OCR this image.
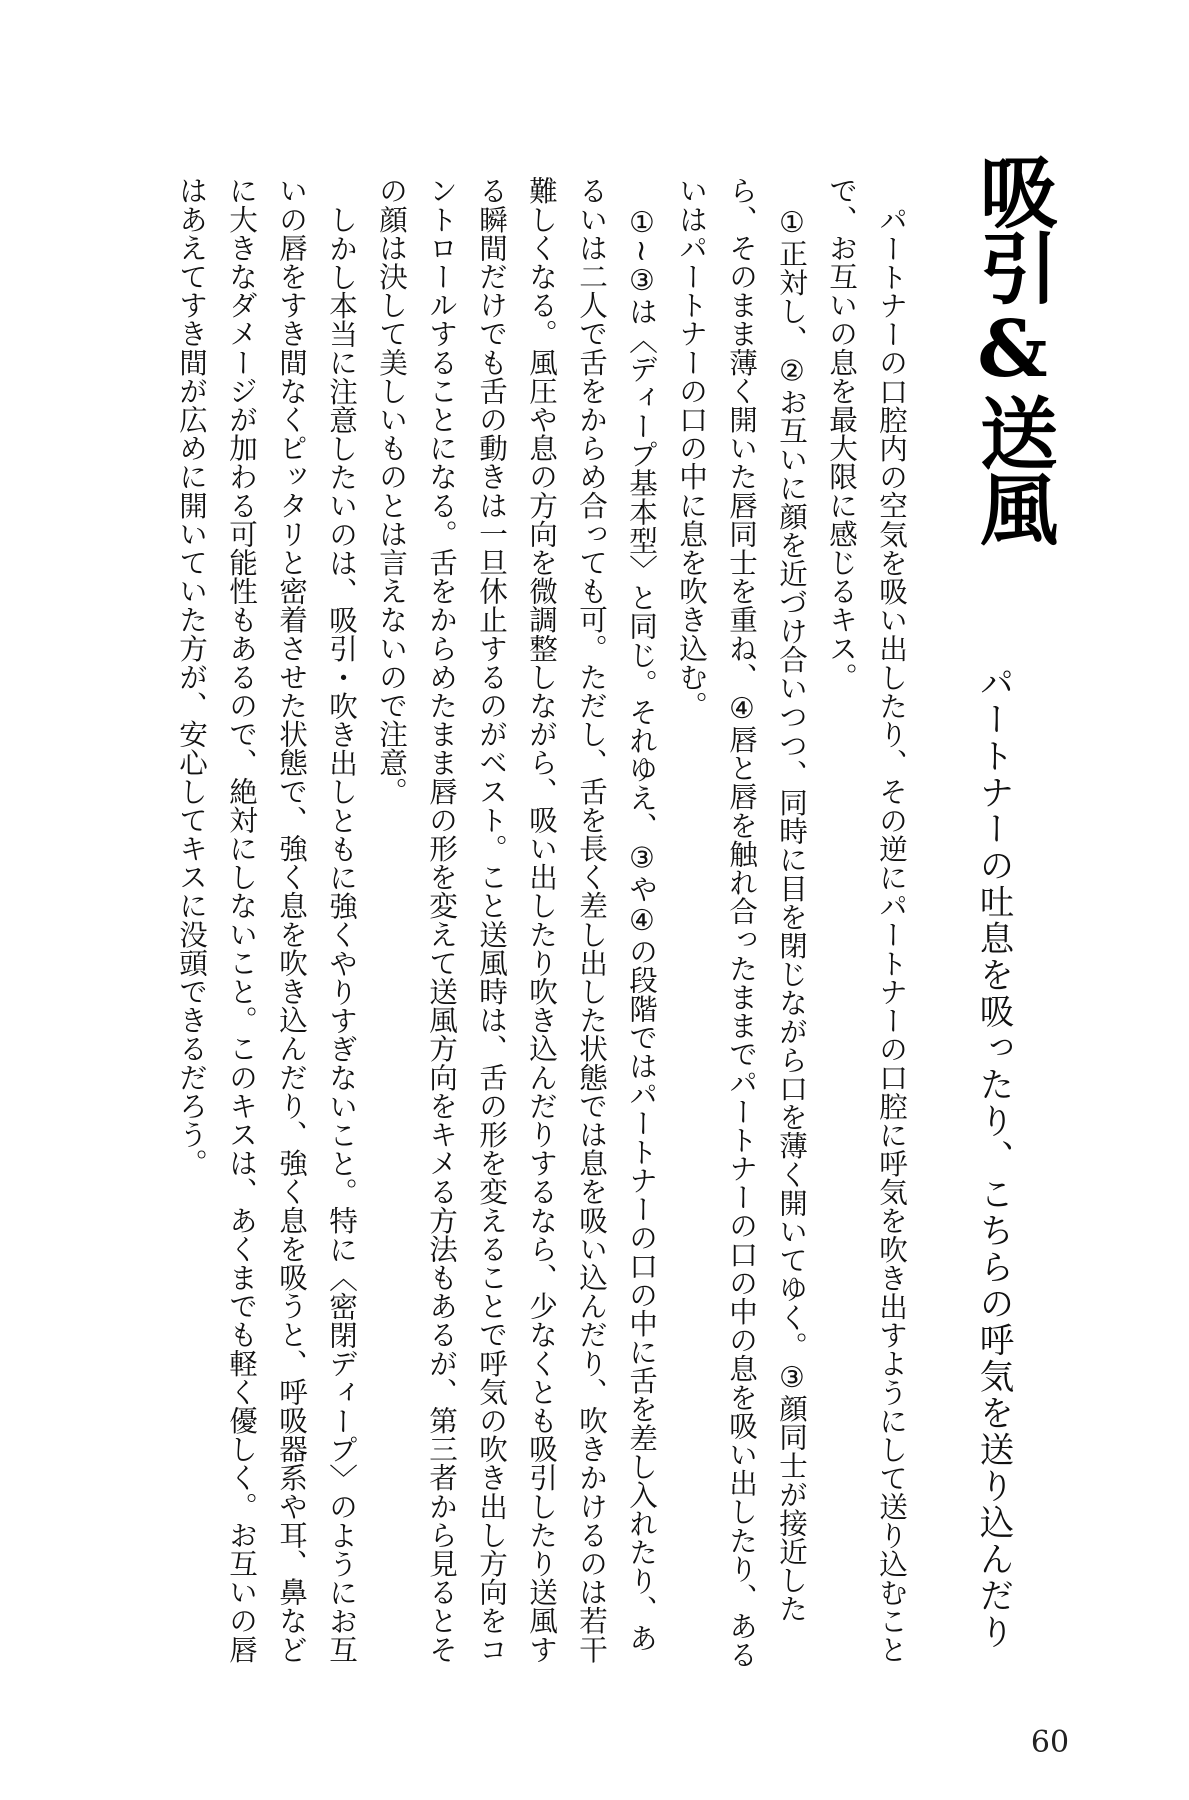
吸引&送風
パートナーの吐息を吸ったり、こちらの呼気を送り込んだり

パートナーの口腔内の空気を吸い出したり、その逆にパートナーの口腔に呼気を吹き出すようにして送り込むことで、お互いの息を最大限に感じるキス。

①正対し、②お互いに顔を近づけ合いつつ、同時に目を閉じながら口を薄く開いてゆく。③顔同士が接近したら、そのまま薄く開いた唇同士を重ね、④唇と唇を触れ合ったままでパートナーの口の中の息を吸い出したり、あるいはパートナーの口の中に息を吹き込む。

①~③は〈ディープ基本型〉と同じ。それゆえ、③や④の段階ではパートナーの口の中に舌を差し入れたり、あるいは二人で舌をからめ合っても可。ただし、舌を長く差し出した状態では息を吸い込んだり、吹きかけるのは若干難しくなる。風圧や息の方向を微調整しながら、吸い出したり吹き込んだりするなら、少なくとも吸引したり送風する瞬間だけでも舌の動きは一旦休止するのがベスト。こと送風時は、舌の形を変えることで呼気の吹き出し方向をコントロールすることになる。舌をからめたまま唇の形を変えて送風方向をキメる方法もあるが、第三者から見るとその顔は決して美しいものとは言えないので注意。

しかし本当に注意したいのは、吸引・吹き出しともに強くやりすぎないこと。特に〈密閉ディープ〉のようにお互いの唇をすき間なくピッタリと密着させた状態で、強く息を吹き込んだり、強く息を吸うと、呼吸器系や耳、鼻などに大きなダメージが加わる可能性もあるので、絶対にしないこと。このキスは、あくまでも軽く優しく。お互いの唇はあえてすき間が広めに開いていた方が、安心してキスに没頭できるだろう。

60
